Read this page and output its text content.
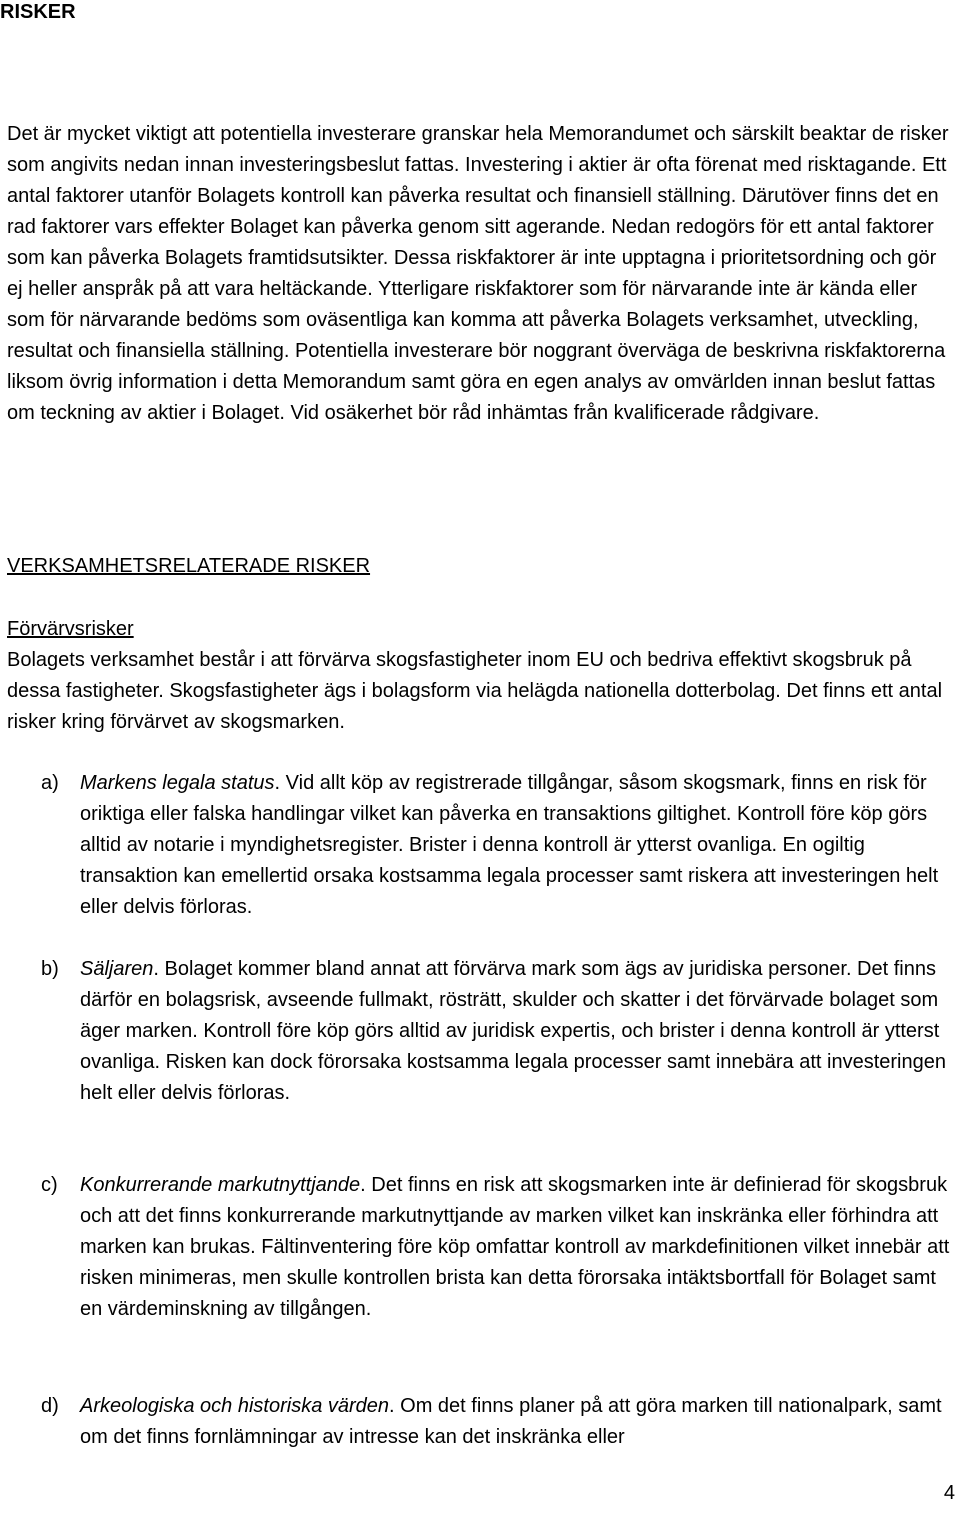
RISKER

Det är mycket viktigt att potentiella investerare granskar hela Memorandumet och särskilt beaktar de risker som angivits nedan innan investeringsbeslut fattas. Investering i aktier är ofta förenat med risktagande. Ett antal faktorer utanför Bolagets kontroll kan påverka resultat och finansiell ställning. Därutöver finns det en rad faktorer vars effekter Bolaget kan påverka genom sitt agerande. Nedan redogörs för ett antal faktorer som kan påverka Bolagets framtidsutsikter. Dessa riskfaktorer är inte upptagna i prioritetsordning och gör ej heller anspråk på att vara heltäckande. Ytterligare riskfaktorer som för närvarande inte är kända eller som för närvarande bedöms som oväsentliga kan komma att påverka Bolagets verksamhet, utveckling, resultat och finansiella ställning. Potentiella investerare bör noggrant överväga de beskrivna riskfaktorerna liksom övrig information i detta Memorandum samt göra en egen analys av omvärlden innan beslut fattas om teckning av aktier i Bolaget. Vid osäkerhet bör råd inhämtas från kvalificerade rådgivare.

VERKSAMHETSRELATERADE RISKER
Förvärvsrisker

Bolagets verksamhet består i att förvärva skogsfastigheter inom EU och bedriva effektivt skogsbruk på dessa fastigheter. Skogsfastigheter ägs i bolagsform via helägda nationella dotterbolag. Det finns ett antal risker kring förvärvet av skogsmarken.

a)	Markens legala status. Vid allt köp av registrerade tillgångar, såsom skogsmark, finns en risk för oriktiga eller falska handlingar vilket kan påverka en transaktions giltighet. Kontroll före köp görs alltid av notarie i myndighetsregister. Brister i denna kontroll är ytterst ovanliga. En ogiltig transaktion kan emellertid orsaka kostsamma legala processer samt riskera att investeringen helt eller delvis förloras.
b)	Säljaren. Bolaget kommer bland annat att förvärva mark som ägs av juridiska personer. Det finns därför en bolagsrisk, avseende fullmakt, rösträtt, skulder och skatter i det förvärvade bolaget som äger marken. Kontroll före köp görs alltid av juridisk expertis, och brister i denna kontroll är ytterst ovanliga. Risken kan dock förorsaka kostsamma legala processer samt innebära att investeringen helt eller delvis förloras.
c)	Konkurrerande markutnyttjande. Det finns en risk att skogsmarken inte är definierad för skogsbruk och att det finns konkurrerande markutnyttjande av marken vilket kan inskränka eller förhindra att marken kan brukas. Fältinventering före köp omfattar kontroll av markdefinitionen vilket innebär att risken minimeras, men skulle kontrollen brista kan detta förorsaka intäktsbortfall för Bolaget samt en värdeminskning av tillgången.
d)	Arkeologiska och historiska värden. Om det finns planer på att göra marken till nationalpark, samt om det finns fornlämningar av intresse kan det inskränka eller
4
